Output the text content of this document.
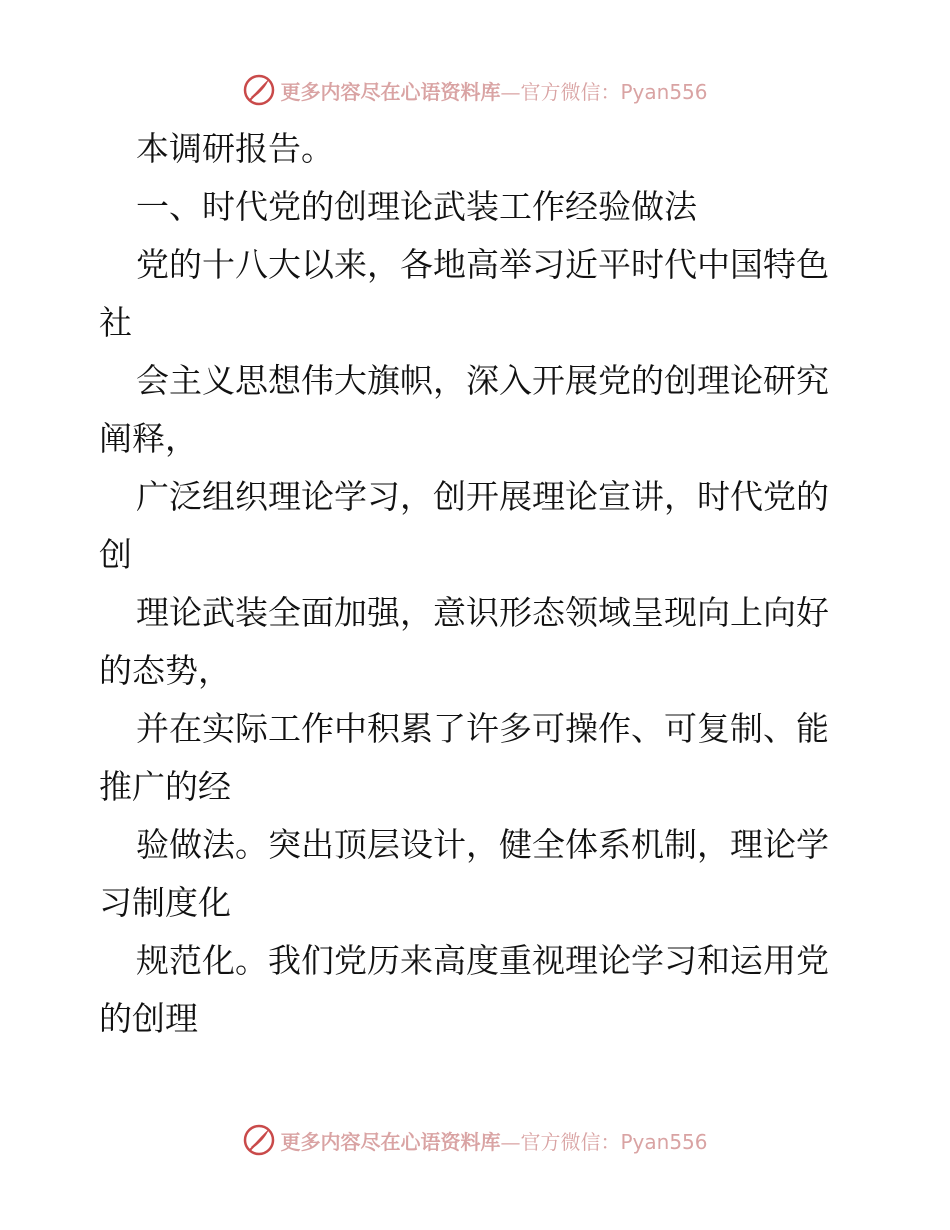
更多内容尽在心语资料库—官方微信：Pyan556
本调研报告。
一、时代党的创理论武装工作经验做法
党的十八大以来，各地高举习近平时代中国特色
社
会主义思想伟大旗帜，深入开展党的创理论研究
阐释，
广泛组织理论学习，创开展理论宣讲，时代党的
创
理论武装全面加强，意识形态领域呈现向上向好
的态势，
并在实际工作中积累了许多可操作、可复制、能
推广的经
验做法。突出顶层设计，健全体系机制，理论学
习制度化
规范化。我们党历来高度重视理论学习和运用党
的创理
更多内容尽在心语资料库—官方微信：Pyan556
